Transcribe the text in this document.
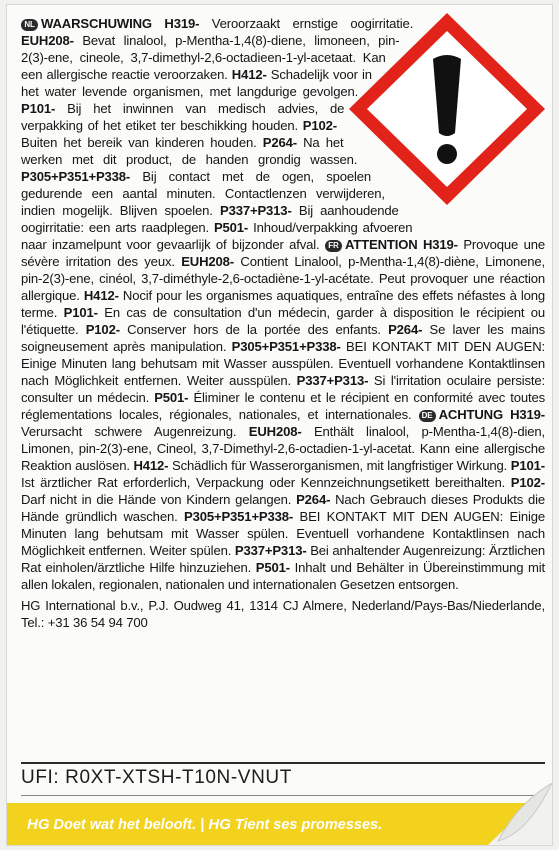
NL WAARSCHUWING H319- Veroorzaakt ernstige oogirritatie. EUH208- Bevat linalool, p-Mentha-1,4(8)-diene, limoneen, pin-2(3)-ene, cineole, 3,7-dimethyl-2,6-octadieen-1-yl-acetaat. Kan een allergische reactie veroorzaken. H412- Schadelijk voor in het water levende organismen, met langdurige gevolgen. P101- Bij het inwinnen van medisch advies, de verpakking of het etiket ter beschikking houden. P102- Buiten het bereik van kinderen houden. P264- Na het werken met dit product, de handen grondig wassen. P305+P351+P338- Bij contact met de ogen, spoelen gedurende een aantal minuten. Contactlenzen verwijderen, indien mogelijk. Blijven spoelen. P337+P313- Bij aanhoudende oogirritatie: een arts raadplegen. P501- Inhoud/verpakking afvoeren naar inzamelpunt voor gevaarlijk of bijzonder afval. FR ATTENTION H319- Provoque une sévère irritation des yeux. EUH208- Contient Linalool, p-Mentha-1,4(8)-diène, Limonene, pin-2(3)-ene, cinéol, 3,7-diméthyle-2,6-octadiène-1-yl-acétate. Peut provoquer une réaction allergique. H412- Nocif pour les organismes aquatiques, entraîne des effets néfastes à long terme. P101- En cas de consultation d'un médecin, garder à disposition le récipient ou l'étiquette. P102- Conserver hors de la portée des enfants. P264- Se laver les mains soigneusement après manipulation. P305+P351+P338- BEI KONTAKT MIT DEN AUGEN: Einige Minuten lang behutsam mit Wasser ausspülen. Eventuell vorhandene Kontaktlinsen nach Möglichkeit entfernen. Weiter ausspülen. P337+P313- Si l'irritation oculaire persiste: consulter un médecin. P501- Éliminer le contenu et le récipient en conformité avec toutes réglementations locales, régionales, nationales, et internationales. DE ACHTUNG H319- Verursacht schwere Augenreizung. EUH208- Enthält linalool, p-Mentha-1,4(8)-dien, Limonen, pin-2(3)-ene, Cineol, 3,7-Dimethyl-2,6-octadien-1-yl-acetat. Kann eine allergische Reaktion auslösen. H412- Schädlich für Wasserorganismen, mit langfristiger Wirkung. P101- Ist ärztlicher Rat erforderlich, Verpackung oder Kennzeichnungsetikett bereithalten. P102- Darf nicht in die Hände von Kindern gelangen. P264- Nach Gebrauch dieses Produkts die Hände gründlich waschen. P305+P351+P338- BEI KONTAKT MIT DEN AUGEN: Einige Minuten lang behutsam mit Wasser spülen. Eventuell vorhandene Kontaktlinsen nach Möglichkeit entfernen. Weiter spülen. P337+P313- Bei anhaltender Augenreizung: Ärztlichen Rat einholen/ärztliche Hilfe hinzuziehen. P501- Inhalt und Behälter in Übereinstimmung mit allen lokalen, regionalen, nationalen und internationalen Gesetzen entsorgen.
HG International b.v., P.J. Oudweg 41, 1314 CJ Almere, Nederland/Pays-Bas/Niederlande, Tel.: +31 36 54 94 700
UFI: R0XT-XTSH-T10N-VNUT
HG Doet wat het belooft. | HG Tient ses promesses.
